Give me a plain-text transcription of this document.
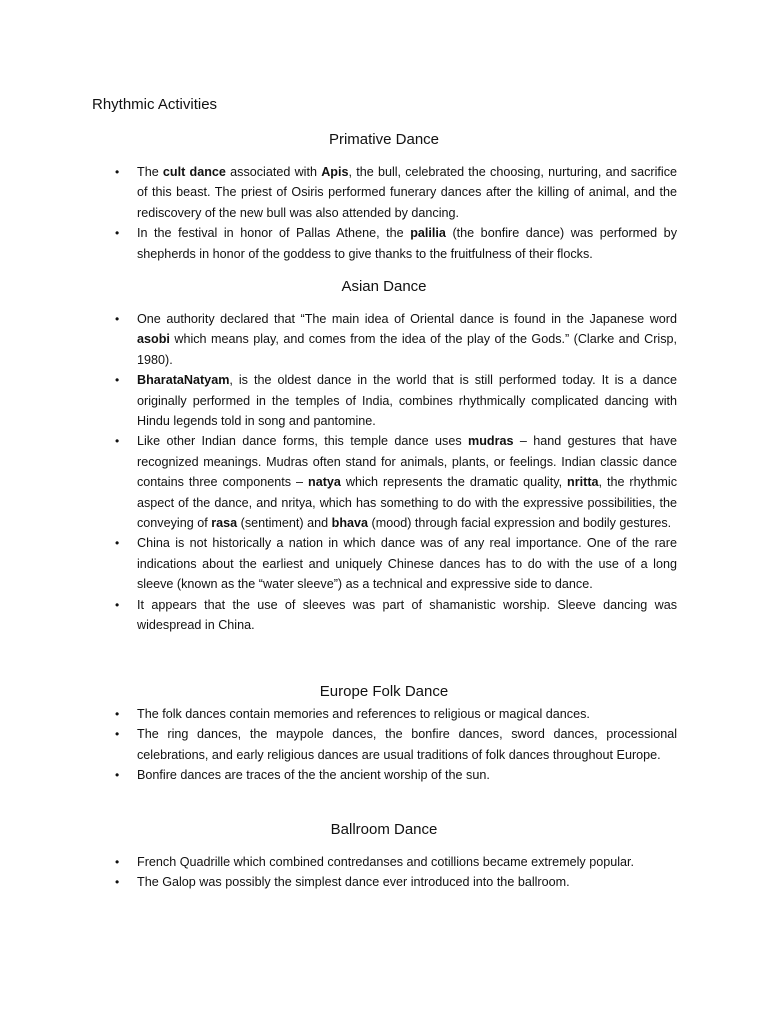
Rhythmic Activities
Primative Dance
• The cult dance associated with Apis, the bull, celebrated the choosing, nurturing, and sacrifice of this beast. The priest of Osiris performed funerary dances after the killing of animal, and the rediscovery of the new bull was also attended by dancing.
• In the festival in honor of Pallas Athene, the palilia (the bonfire dance) was performed by shepherds in honor of the goddess to give thanks to the fruitfulness of their flocks.
Asian Dance
• One authority declared that “The main idea of Oriental dance is found in the Japanese word asobi which means play, and comes from the idea of the play of the Gods.” (Clarke and Crisp, 1980).
• BharataNatyam, is the oldest dance in the world that is still performed today. It is a dance originally performed in the temples of India, combines rhythmically complicated dancing with Hindu legends told in song and pantomine.
• Like other Indian dance forms, this temple dance uses mudras – hand gestures that have recognized meanings. Mudras often stand for animals, plants, or feelings. Indian classic dance contains three components – natya which represents the dramatic quality, nritta, the rhythmic aspect of the dance, and nritya, which has something to do with the expressive possibilities, the conveying of rasa (sentiment) and bhava (mood) through facial expression and bodily gestures.
• China is not historically a nation in which dance was of any real importance. One of the rare indications about the earliest and uniquely Chinese dances has to do with the use of a long sleeve (known as the “water sleeve”) as a technical and expressive side to dance.
• It appears that the use of sleeves was part of shamanistic worship. Sleeve dancing was widespread in China.
Europe Folk Dance
• The folk dances contain memories and references to religious or magical dances.
• The ring dances, the maypole dances, the bonfire dances, sword dances, processional celebrations, and early religious dances are usual traditions of folk dances throughout Europe.
• Bonfire dances are traces of the the ancient worship of the sun.
Ballroom Dance
• French Quadrille which combined contredanses and cotillions became extremely popular.
• The Galop was possibly the simplest dance ever introduced into the ballroom.
